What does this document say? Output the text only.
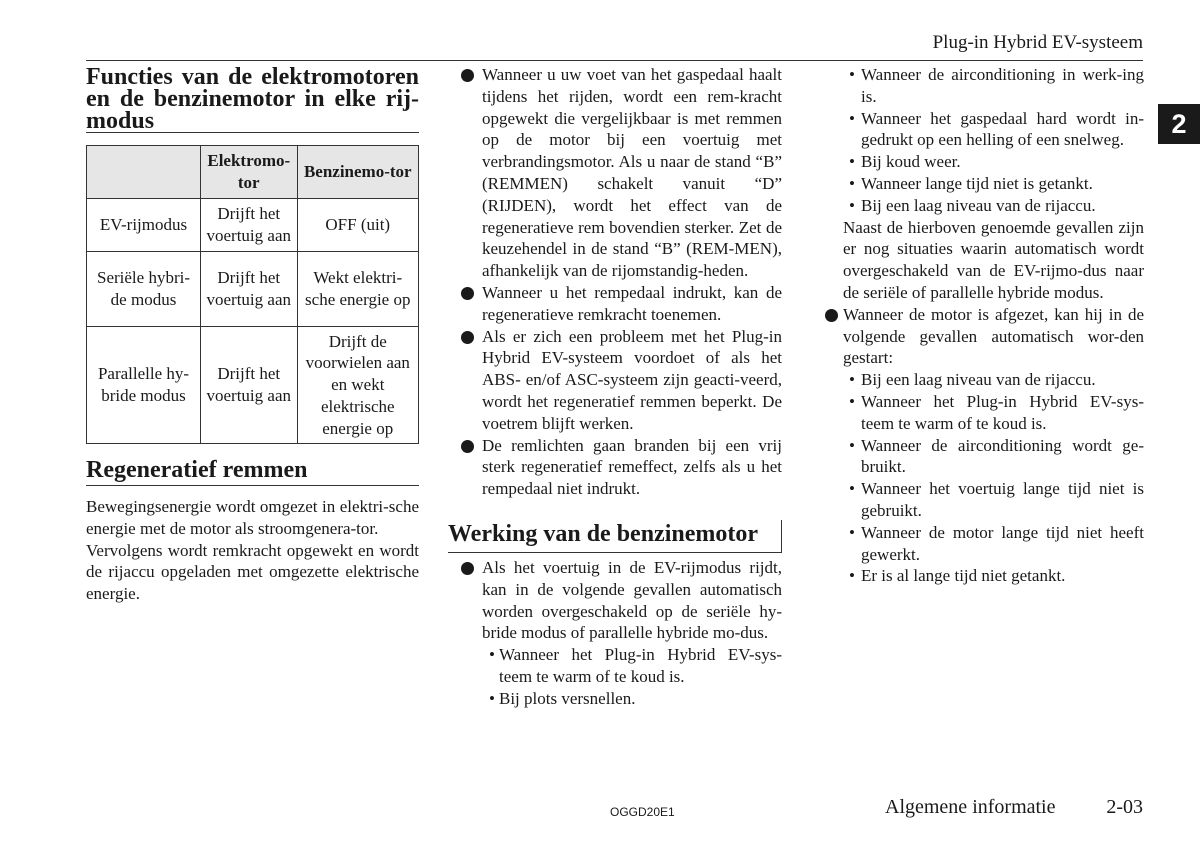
Plug-in Hybrid EV-systeem
2
Functies van de elektromotoren en de benzinemotor in elke rij-modus
	Elektromo-tor	Benzinemo-tor
EV-rijmodus	Drijft het voertuig aan	OFF (uit)
Seriële hybri-de modus	Drijft het voertuig aan	Wekt elektri-sche energie op
Parallelle hy-bride modus	Drijft het voertuig aan	Drijft de voorwielen aan en wekt elektrische energie op
Regeneratief remmen

Bewegingsenergie wordt omgezet in elektri-sche energie met de motor als stroomgenera-tor.

Vervolgens wordt remkracht opgewekt en wordt de rijaccu opgeladen met omgezette elektrische energie.

Wanneer u uw voet van het gaspedaal haalt tijdens het rijden, wordt een rem-kracht opgewekt die vergelijkbaar is met remmen op de motor bij een voertuig met verbrandingsmotor. Als u naar de stand “B” (REMMEN) schakelt vanuit “D” (RIJDEN), wordt het effect van de regeneratieve rem bovendien sterker. Zet de keuzehendel in de stand “B” (REM-MEN), afhankelijk van de rijomstandig-heden.
Wanneer u het rempedaal indrukt, kan de regeneratieve remkracht toenemen.
Als er zich een probleem met het Plug-in Hybrid EV-systeem voordoet of als het ABS- en/of ASC-systeem zijn geacti-veerd, wordt het regeneratief remmen beperkt. De voetrem blijft werken.
De remlichten gaan branden bij een vrij sterk regeneratief remeffect, zelfs als u het rempedaal niet indrukt.
Werking van de benzinemotor
Als het voertuig in de EV-rijmodus rijdt, kan in de volgende gevallen automatisch worden overgeschakeld op de seriële hy-bride modus of parallelle hybride mo-dus.
• Wanneer het Plug-in Hybrid EV-sys-teem te warm of te koud is.
• Bij plots versnellen.
• Wanneer de airconditioning in werk-ing is.
• Wanneer het gaspedaal hard wordt in-gedrukt op een helling of een snelweg.
• Bij koud weer.
• Wanneer lange tijd niet is getankt.
• Bij een laag niveau van de rijaccu.
Naast de hierboven genoemde gevallen zijn er nog situaties waarin automatisch wordt overgeschakeld van de EV-rijmo-dus naar de seriële of parallelle hybride modus.
Wanneer de motor is afgezet, kan hij in de volgende gevallen automatisch wor-den gestart:
• Bij een laag niveau van de rijaccu.
• Wanneer het Plug-in Hybrid EV-sys-teem te warm of te koud is.
• Wanneer de airconditioning wordt ge-bruikt.
• Wanneer het voertuig lange tijd niet is gebruikt.
• Wanneer de motor lange tijd niet heeft gewerkt.
• Er is al lange tijd niet getankt.
OGGD20E1	Algemene informatie	2-03
